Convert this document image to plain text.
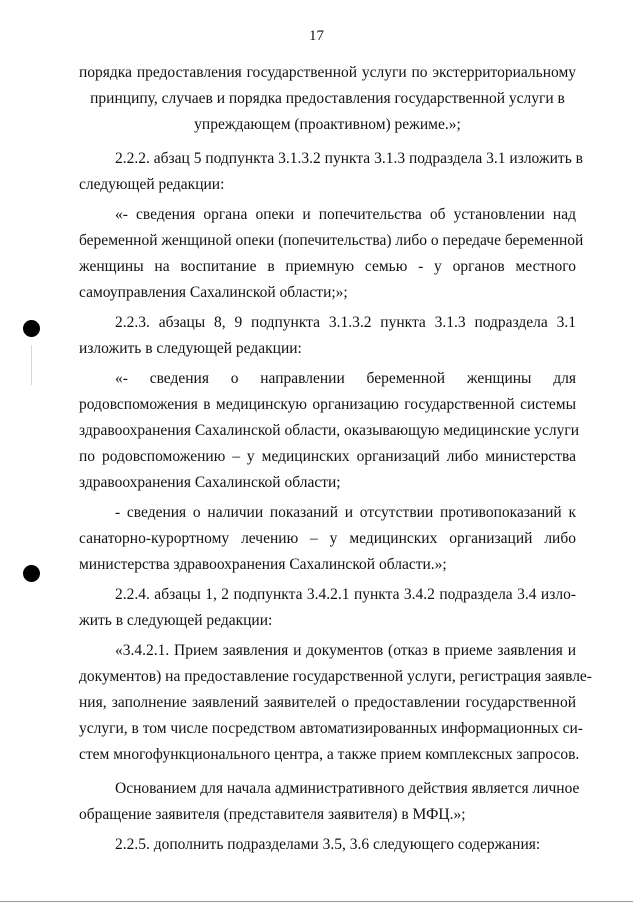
17
порядка предоставления государственной услуги по экстерриториальному
принципу, случаев и порядка предоставления государственной услуги в
упреждающем (проактивном) режиме.»;
2.2.2. абзац 5 подпункта 3.1.3.2 пункта 3.1.3 подраздела 3.1 изложить в
следующей редакции:
«- сведения органа опеки и попечительства об установлении над
беременной женщиной опеки (попечительства) либо о передаче беременной
женщины на воспитание в приемную семью - у органов местного
самоуправления Сахалинской области;»;
2.2.3. абзацы 8, 9 подпункта 3.1.3.2 пункта 3.1.3 подраздела 3.1
изложить в следующей редакции:
«- сведения о направлении беременной женщины для
родовспоможения в медицинскую организацию государственной системы
здравоохранения Сахалинской области, оказывающую медицинские услуги
по родовспоможению – у медицинских организаций либо министерства
здравоохранения Сахалинской области;
- сведения о наличии показаний и отсутствии противопоказаний к
санаторно-курортному лечению – у медицинских организаций либо
министерства здравоохранения Сахалинской области.»;
2.2.4. абзацы 1, 2 подпункта 3.4.2.1 пункта 3.4.2 подраздела 3.4 изло-
жить в следующей редакции:
«3.4.2.1. Прием заявления и документов (отказ в приеме заявления и
документов) на предоставление государственной услуги, регистрация заявле-
ния, заполнение заявлений заявителей о предоставлении государственной
услуги, в том числе посредством автоматизированных информационных си-
стем многофункционального центра, а также прием комплексных запросов.
Основанием для начала административного действия является личное
обращение заявителя (представителя заявителя) в МФЦ.»;
2.2.5. дополнить подразделами 3.5, 3.6 следующего содержания:
